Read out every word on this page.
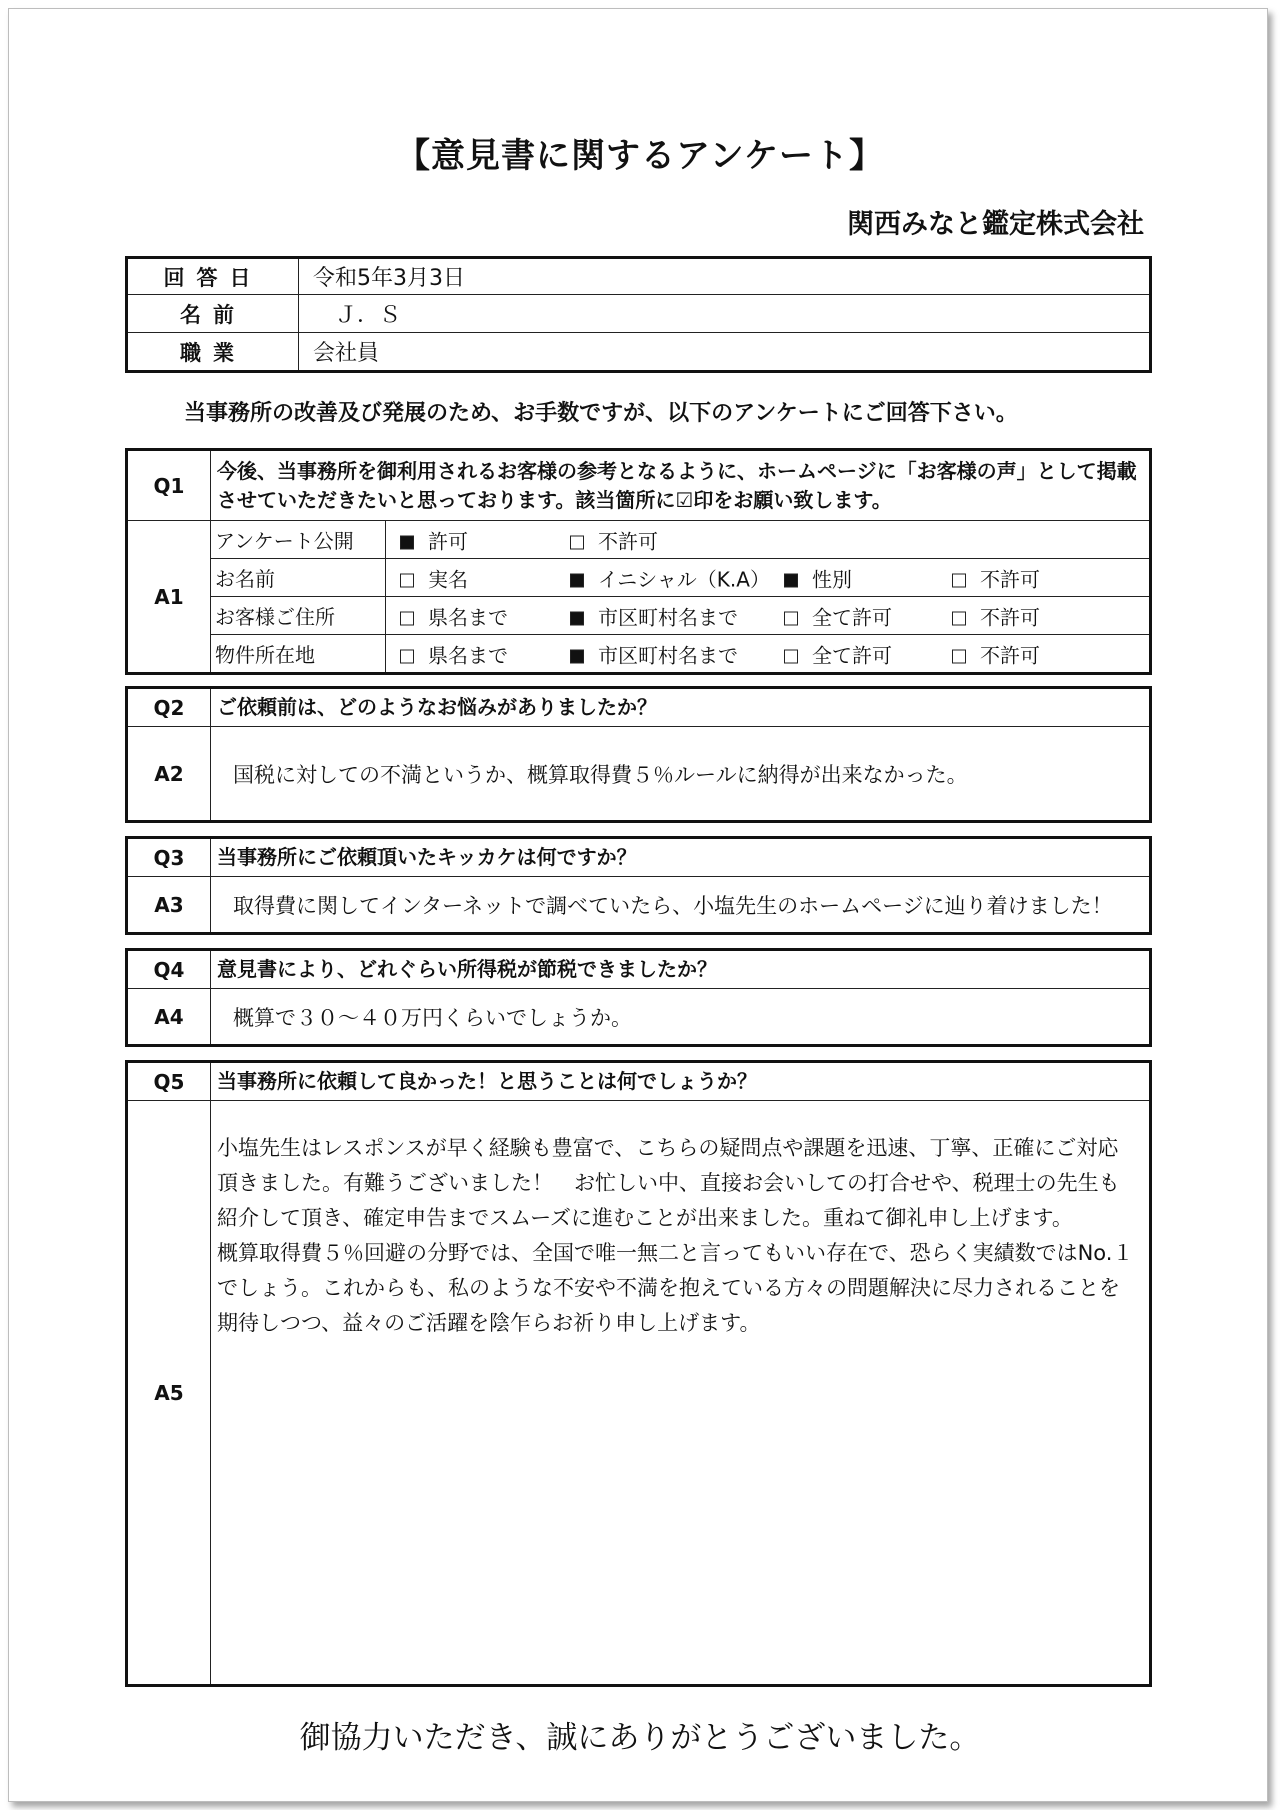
【意見書に関するアンケート】
関西みなと鑑定株式会社
回答日	令和5年3月3日
名前	　Ｊ．Ｓ
職業	会社員
当事務所の改善及び発展のため、お手数ですが、以下のアンケートにご回答下さい。
Q1	今後、当事務所を御利用されるお客様の参考となるように、ホームページに「お客様の声」として掲載させていただきたいと思っております。該当箇所に☑印をお願い致します。	
A1	アンケート公開	許可 不許可

	お名前	実名 イニシャル（K.A） 性別 不許可

	お客様ご住所	県名まで 市区町村名まで 全て許可 不許可

	物件所在地	県名まで 市区町村名まで 全て許可 不許可
Q2	ご依頼前は、どのようなお悩みがありましたか？
A2	国税に対しての不満というか、概算取得費５％ルールに納得が出来なかった。
Q3	当事務所にご依頼頂いたキッカケは何ですか？
A3	取得費に関してインターネットで調べていたら、小塩先生のホームページに辿り着けました！
Q4	意見書により、どれぐらい所得税が節税できましたか？
A4	概算で３０～４０万円くらいでしょうか。
Q5	当事務所に依頼して良かった！と思うことは何でしょうか？
A5	小塩先生はレスポンスが早く経験も豊富で、こちらの疑問点や課題を迅速、丁寧、正確にご対応頂きました。有難うございました！　お忙しい中、直接お会いしての打合せや、税理士の先生も紹介して頂き、確定申告までスムーズに進むことが出来ました。重ねて御礼申し上げます。
概算取得費５％回避の分野では、全国で唯一無二と言ってもいい存在で、恐らく実績数ではNo.１でしょう。これからも、私のような不安や不満を抱えている方々の問題解決に尽力されることを期待しつつ、益々のご活躍を陰乍らお祈り申し上げます。
御協力いただき、誠にありがとうございました。
